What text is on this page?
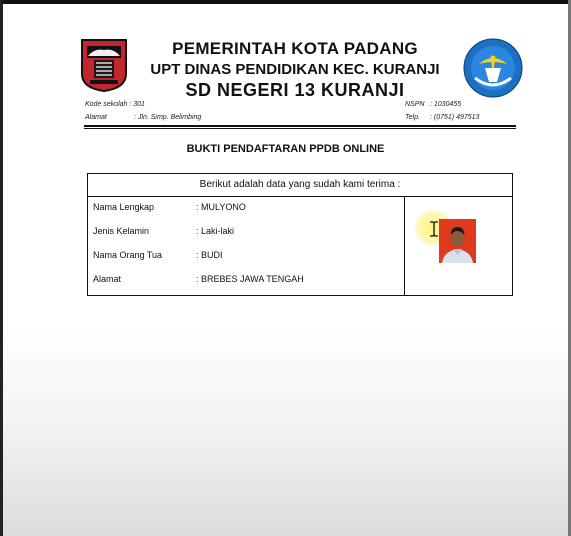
PEMERINTAH KOTA PADANG
UPT DINAS PENDIDIKAN KEC. KURANJI
SD NEGERI 13 KURANJI
Kode sekolah : 301
Alamat	: Jln. Simp. Belimbing
NSPN : 1030455
Telp. : (0751) 497513
BUKTI PENDAFTARAN PPDB ONLINE
Berikut adalah data yang sudah kami terima :
Nama Lengkap	: MULYONO
Jenis Kelamin	: Laki-laki
Nama Orang Tua	: BUDI
Alamat	: BREBES JAWA TENGAH
